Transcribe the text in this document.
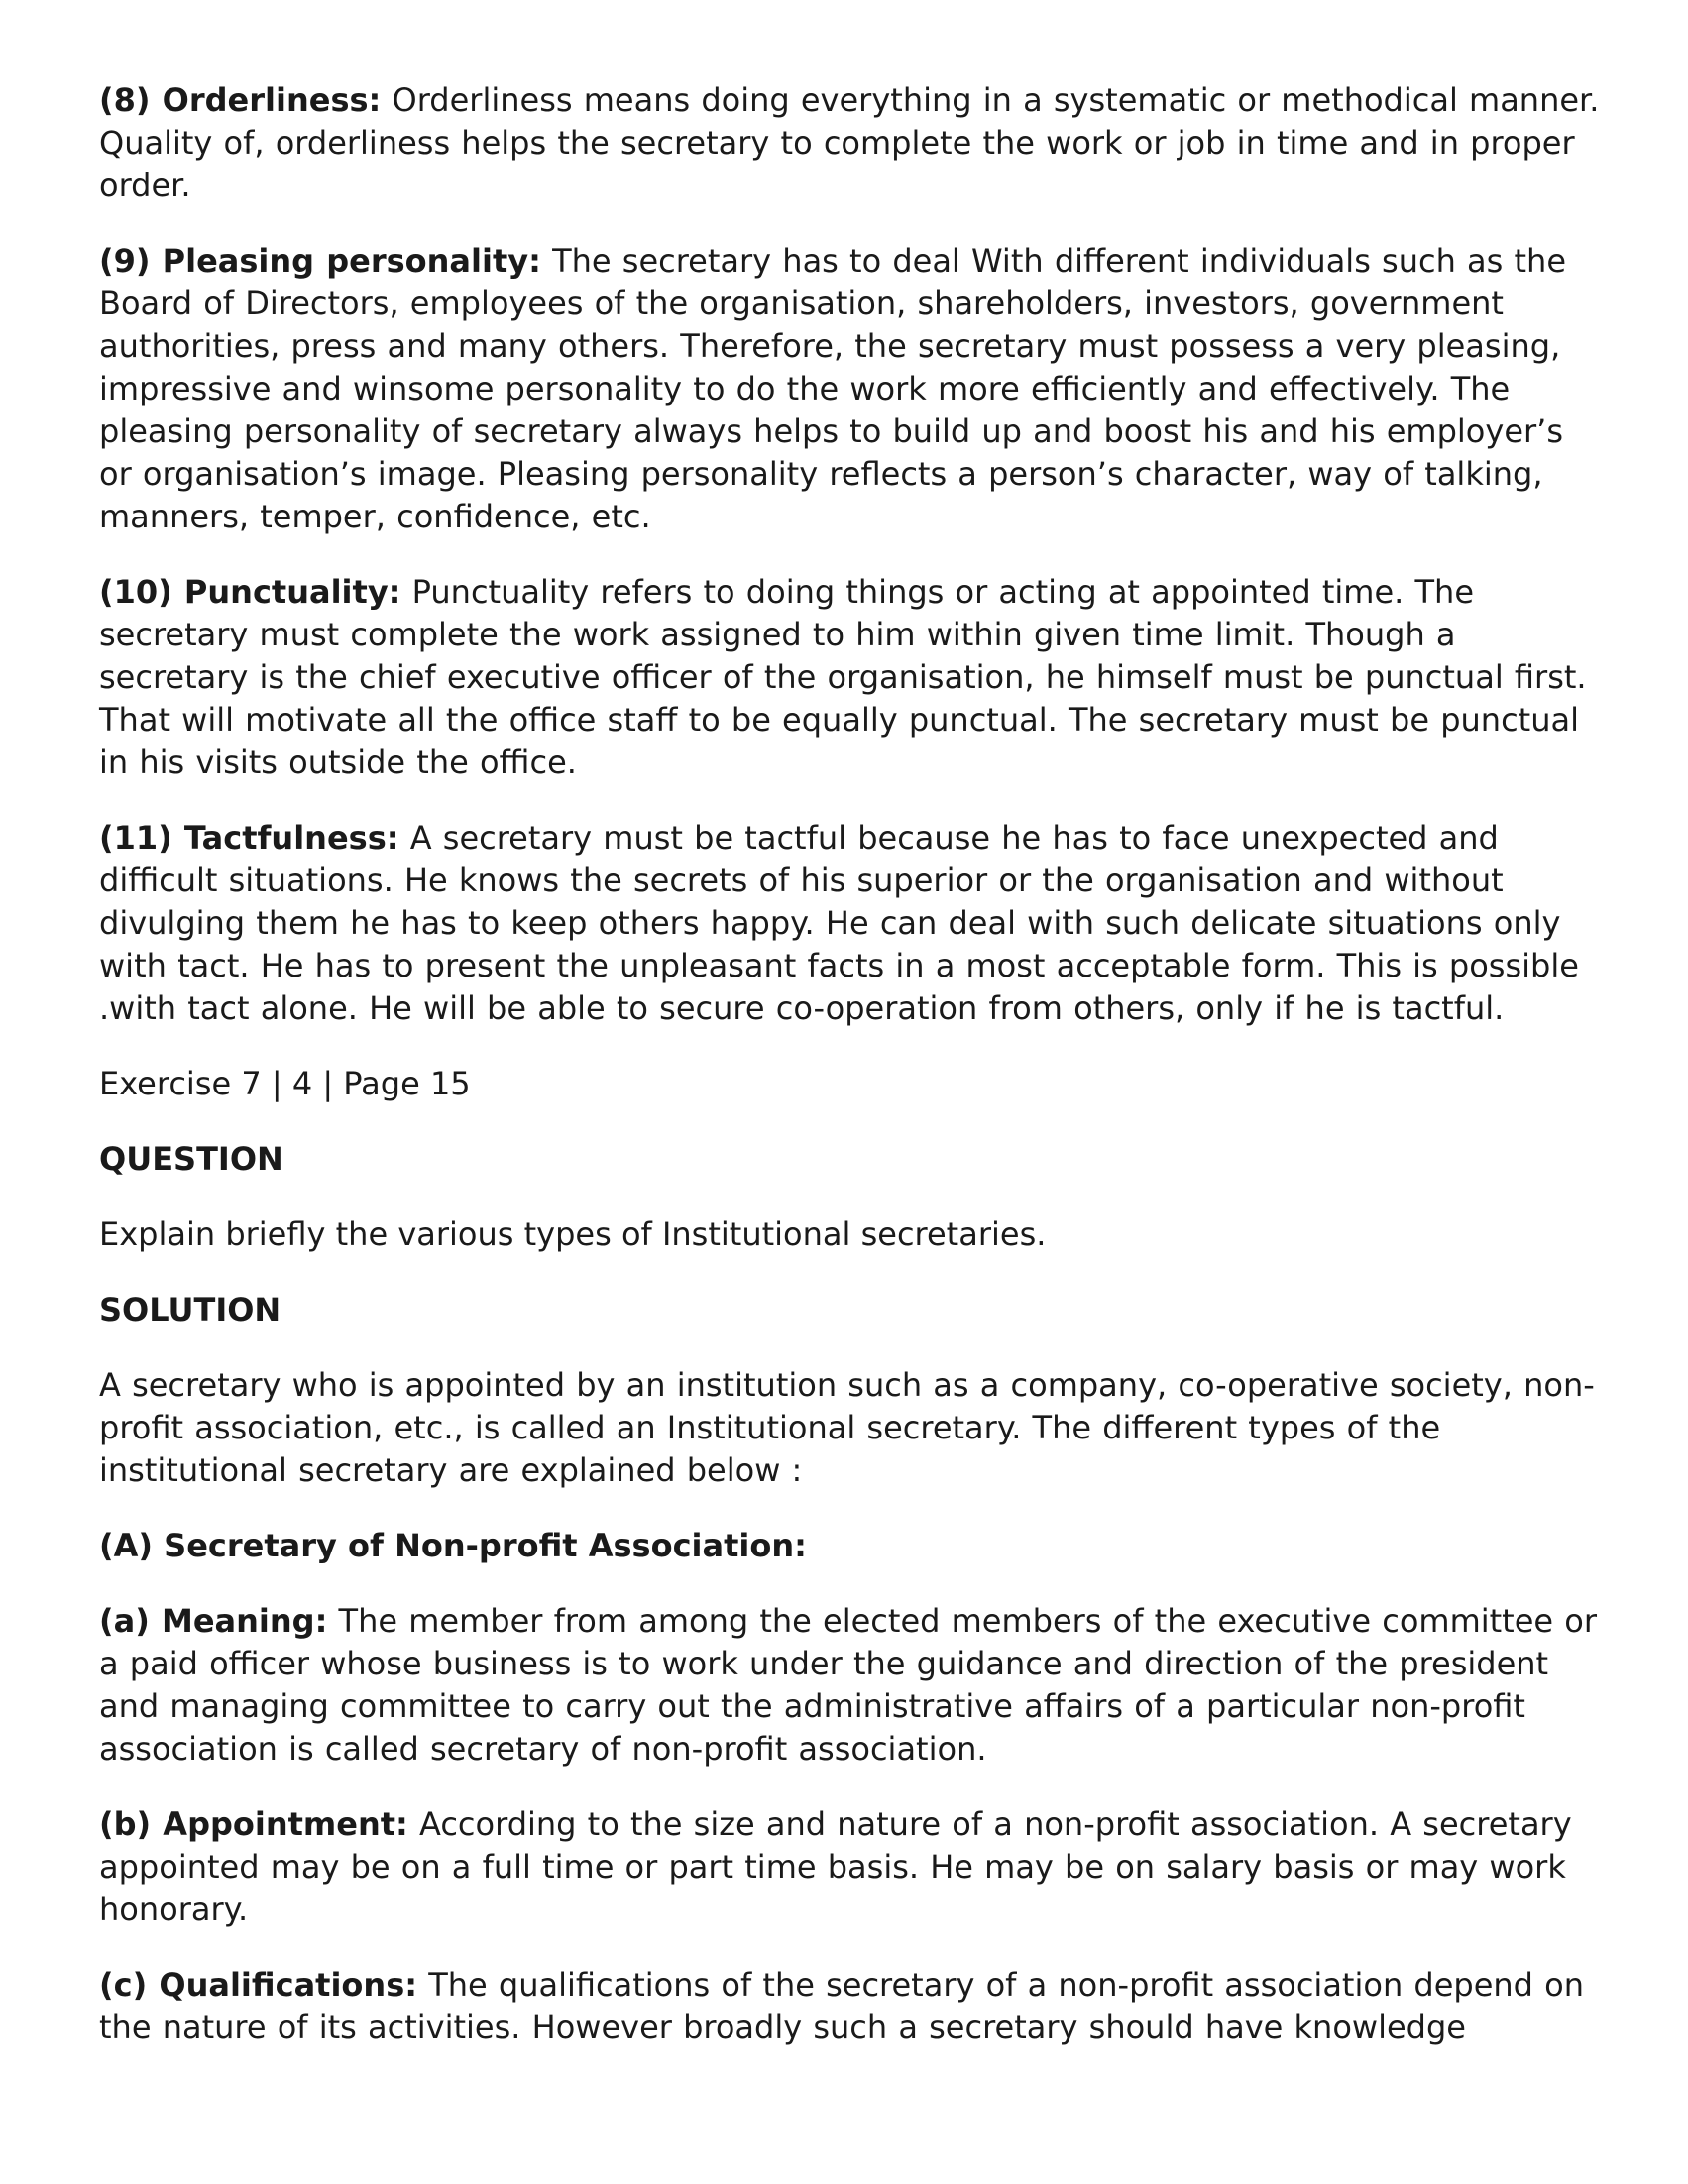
(8) Orderliness: Orderliness means doing everything in a systematic or methodical manner. Quality of, orderliness helps the secretary to complete the work or job in time and in proper order.

(9) Pleasing personality: The secretary has to deal With different individuals such as the Board of Directors, employees of the organisation, shareholders, investors, government authorities, press and many others. Therefore, the secretary must possess a very pleasing, impressive and winsome personality to do the work more efficiently and effectively. The pleasing personality of secretary always helps to build up and boost his and his employer’s or organisation’s image. Pleasing personality reflects a person’s character, way of talking, manners, temper, confidence, etc.

(10) Punctuality: Punctuality refers to doing things or acting at appointed time. The secretary must complete the work assigned to him within given time limit. Though a secretary is the chief executive officer of the organisation, he himself must be punctual first. That will motivate all the office staff to be equally punctual. The secretary must be punctual in his visits outside the office.

(11) Tactfulness: A secretary must be tactful because he has to face unexpected and difficult situations. He knows the secrets of his superior or the organisation and without divulging them he has to keep others happy. He can deal with such delicate situations only with tact. He has to present the unpleasant facts in a most acceptable form. This is possible .with tact alone. He will be able to secure co-operation from others, only if he is tactful.

Exercise 7 | 4 | Page 15

QUESTION

Explain briefly the various types of Institutional secretaries.

SOLUTION

A secretary who is appointed by an institution such as a company, co-operative society, non-profit association, etc., is called an Institutional secretary. The different types of the institutional secretary are explained below :

(A) Secretary of Non-profit Association:

(a) Meaning: The member from among the elected members of the executive committee or a paid officer whose business is to work under the guidance and direction of the president and managing committee to carry out the administrative affairs of a particular non-profit association is called secretary of non-profit association.

(b) Appointment: According to the size and nature of a non-profit association. A secretary appointed may be on a full time or part time basis. He may be on salary basis or may work honorary.

(c) Qualifications: The qualifications of the secretary of a non-profit association depend on the nature of its activities. However broadly such a secretary should have knowledge
